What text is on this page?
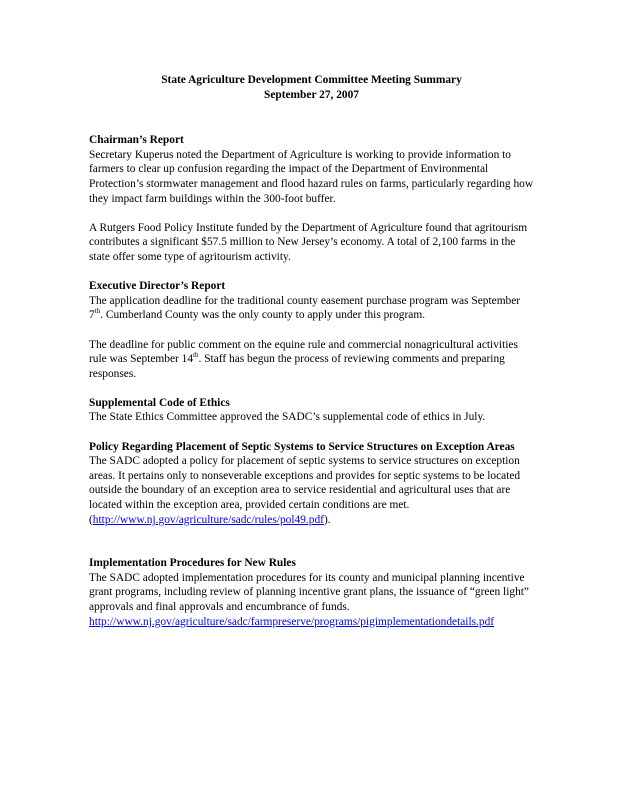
State Agriculture Development Committee Meeting Summary
September 27, 2007
Chairman’s Report

Secretary Kuperus noted the Department of Agriculture is working to provide information to farmers to clear up confusion regarding the impact of the Department of Environmental Protection’s stormwater management and flood hazard rules on farms, particularly regarding how they impact farm buildings within the 300-foot buffer.

A Rutgers Food Policy Institute funded by the Department of Agriculture found that agritourism contributes a significant $57.5 million to New Jersey’s economy. A total of 2,100 farms in the state offer some type of agritourism activity.

Executive Director’s Report

The application deadline for the traditional county easement purchase program was September 7th. Cumberland County was the only county to apply under this program.

The deadline for public comment on the equine rule and commercial nonagricultural activities rule was September 14th. Staff has begun the process of reviewing comments and preparing responses.

Supplemental Code of Ethics

The State Ethics Committee approved the SADC’s supplemental code of ethics in July.

Policy Regarding Placement of Septic Systems to Service Structures on Exception Areas

The SADC adopted a policy for placement of septic systems to service structures on exception areas. It pertains only to nonseverable exceptions and provides for septic systems to be located outside the boundary of an exception area to service residential and agricultural uses that are located within the exception area, provided certain conditions are met. (http://www.nj.gov/agriculture/sadc/rules/pol49.pdf).

Implementation Procedures for New Rules

The SADC adopted implementation procedures for its county and municipal planning incentive grant programs, including review of planning incentive grant plans, the issuance of “green light” approvals and final approvals and encumbrance of funds.

http://www.nj.gov/agriculture/sadc/farmpreserve/programs/pigimplementationdetails.pdf
